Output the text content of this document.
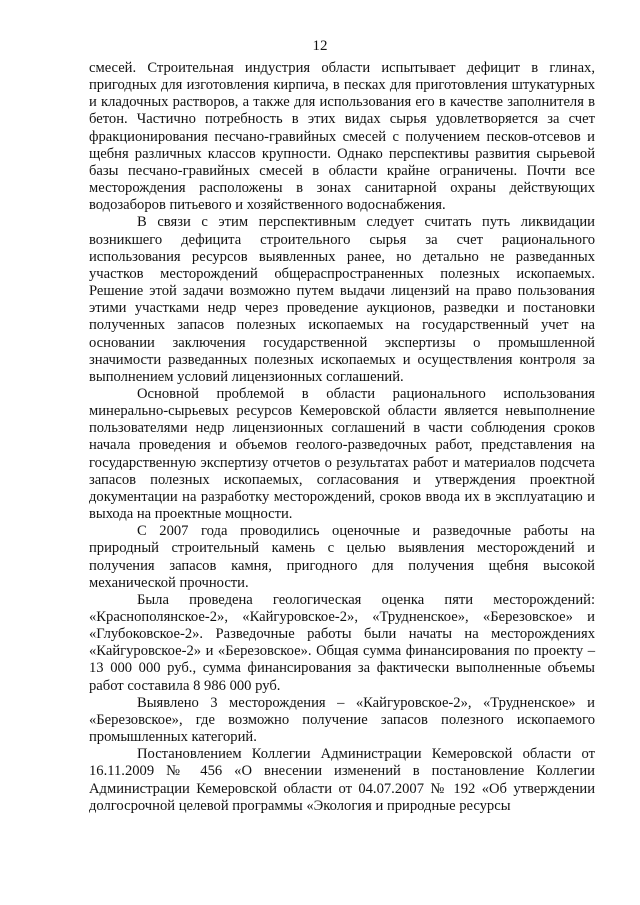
12

смесей. Строительная индустрия области испытывает дефицит в глинах, пригодных для изготовления кирпича, в песках для приготовления штукатурных и кладочных растворов, а также для использования его в качестве заполнителя в бетон. Частично потребность в этих видах сырья удовлетворяется за счет фракционирования песчано-гравийных смесей с получением песков-отсевов и щебня различных классов крупности. Однако перспективы развития сырьевой базы песчано-гравийных смесей в области крайне ограничены. Почти все месторождения расположены в зонах санитарной охраны действующих водозаборов питьевого и хозяйственного водоснабжения.

В связи с этим перспективным следует считать путь ликвидации возникшего дефицита строительного сырья за счет рационального использования ресурсов выявленных ранее, но детально не разведанных участков месторождений общераспространенных полезных ископаемых. Решение этой задачи возможно путем выдачи лицензий на право пользования этими участками недр через проведение аукционов, разведки и постановки полученных запасов полезных ископаемых на государственный учет на основании заключения государственной экспертизы о промышленной значимости разведанных полезных ископаемых и осуществления контроля за выполнением условий лицензионных соглашений.

Основной проблемой в области рационального использования минерально-сырьевых ресурсов Кемеровской области является невыполнение пользователями недр лицензионных соглашений в части соблюдения сроков начала проведения и объемов геолого-разведочных работ, представления на государственную экспертизу отчетов о результатах работ и материалов подсчета запасов полезных ископаемых, согласования и утверждения проектной документации на разработку месторождений, сроков ввода их в эксплуатацию и выхода на проектные мощности.

С 2007 года проводились оценочные и разведочные работы на природный строительный камень с целью выявления месторождений и получения запасов камня, пригодного для получения щебня высокой механической прочности.

Была проведена геологическая оценка пяти месторождений: «Краснополянское-2», «Кайгуровское-2», «Трудненское», «Березовское» и «Глубоковское-2». Разведочные работы были начаты на месторождениях «Кайгуровское-2» и «Березовское». Общая сумма финансирования по проекту – 13 000 000 руб., сумма финансирования за фактически выполненные объемы работ составила 8 986 000 руб.

Выявлено 3 месторождения – «Кайгуровское-2», «Трудненское» и «Березовское», где возможно получение запасов полезного ископаемого промышленных категорий.

Постановлением Коллегии Администрации Кемеровской области от 16.11.2009 № 456 «О внесении изменений в постановление Коллегии Администрации Кемеровской области от 04.07.2007 № 192 «Об утверждении долгосрочной целевой программы «Экология и природные ресурсы
